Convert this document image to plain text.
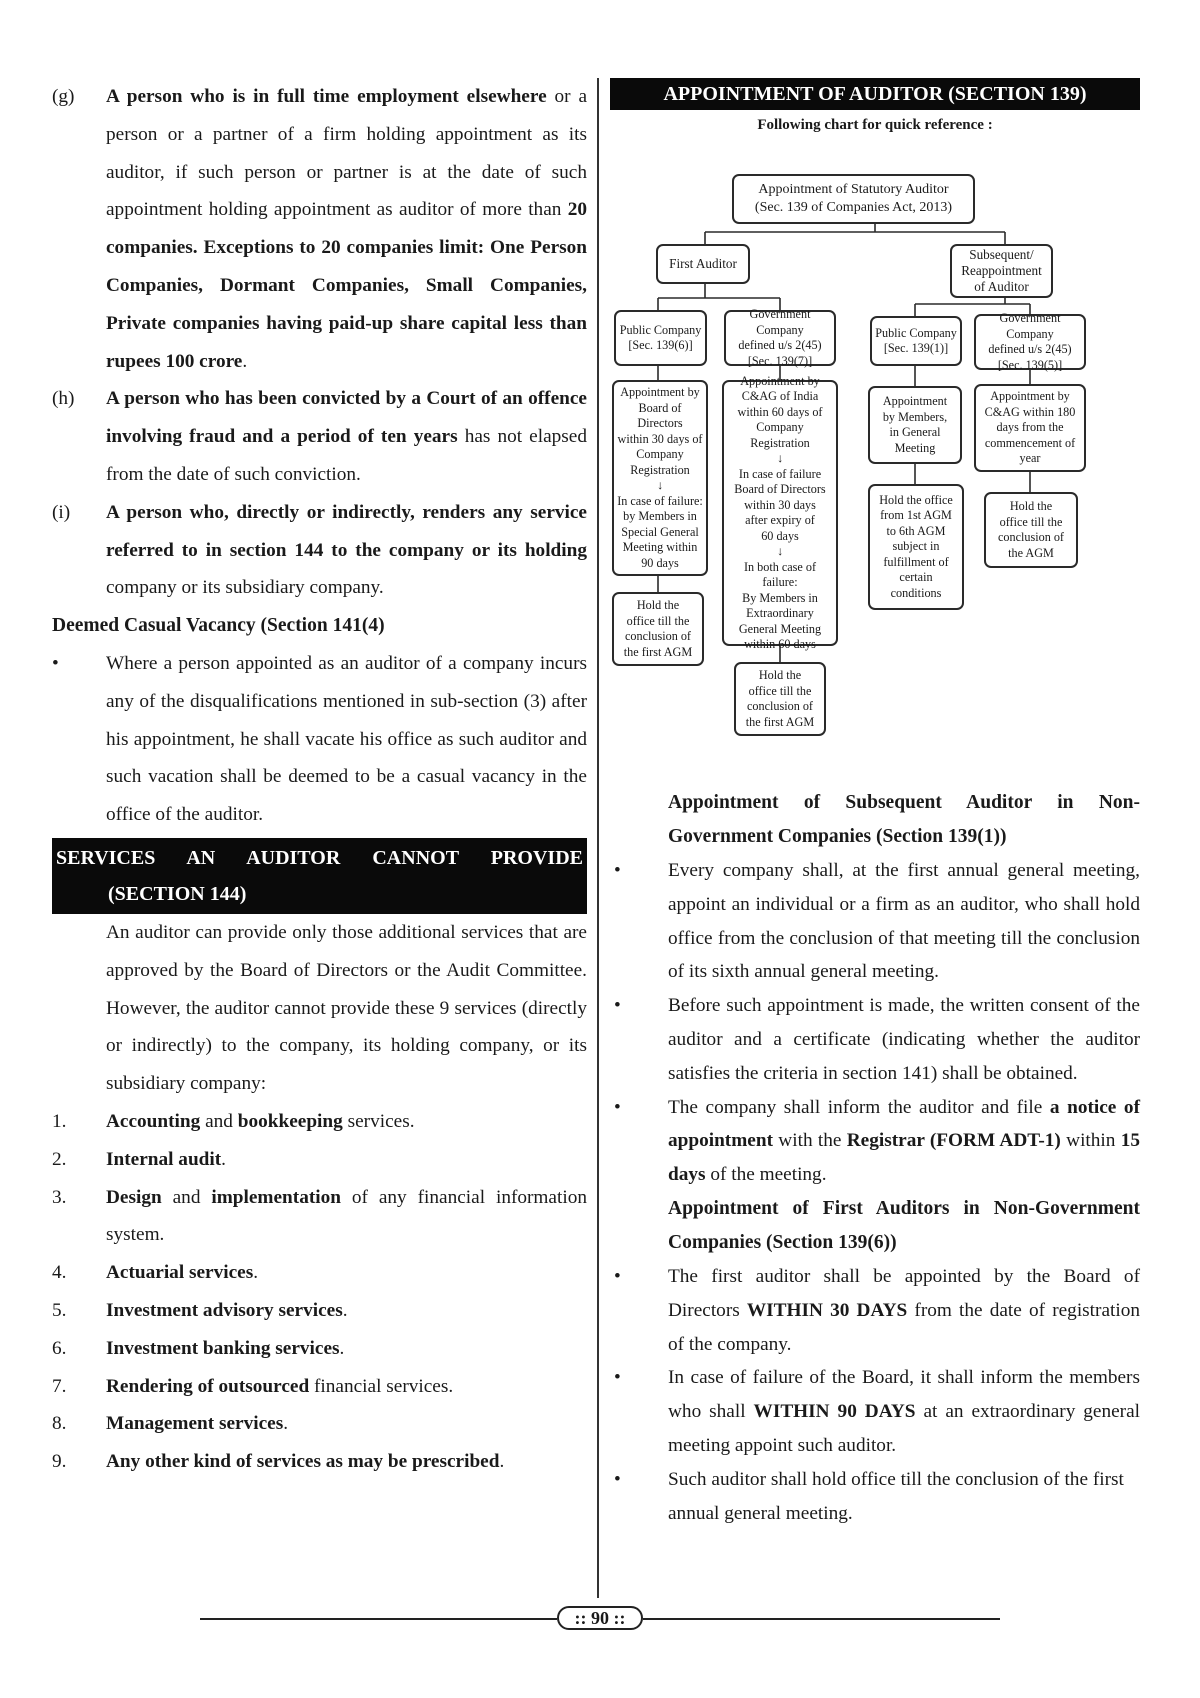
(g)	A person who is in full time employment elsewhere or a person or a partner of a firm holding appointment as its auditor, if such person or partner is at the date of such appointment holding appointment as auditor of more than 20 companies. Exceptions to 20 companies limit: One Person Companies, Dormant Companies, Small Companies, Private companies having paid-up share capital less than rupees 100 crore.

(h)	A person who has been convicted by a Court of an offence involving fraud and a period of ten years has not elapsed from the date of such conviction.

(i)	A person who, directly or indirectly, renders any service referred to in section 144 to the company or its holding company or its subsidiary company.

Deemed Casual Vacancy (Section 141(4)
•	Where a person appointed as an auditor of a company incurs any of the disqualifications mentioned in sub-section (3) after his appointment, he shall vacate his office as such auditor and such vacation shall be deemed to be a casual vacancy in the office of the auditor.

SERVICES AN AUDITOR CANNOT PROVIDE
(SECTION 144)

An auditor can provide only those additional services that are approved by the Board of Directors or the Audit Committee. However, the auditor cannot provide these 9 services (directly or indirectly) to the company, its holding company, or its subsidiary company:

1.	Accounting and bookkeeping services.

2.	Internal audit.

3.	Design and implementation of any financial information system.

4.	Actuarial services.

5.	Investment advisory services.

6.	Investment banking services.

7.	Rendering of outsourced financial services.

8.	Management services.

9.	Any other kind of services as may be prescribed.

APPOINTMENT OF AUDITOR (SECTION 139)
Following chart for quick reference :
Appointment of Statutory Auditor
(Sec. 139 of Companies Act, 2013)
First Auditor
Subsequent/
Reappointment
of Auditor
Public Company
[Sec. 139(6)]
Government Company
defined u/s 2(45)
[Sec. 139(7)]
Public Company
[Sec. 139(1)]
Government Company
defined u/s 2(45)
[Sec. 139(5)]
Appointment by
Board of Directors
within 30 days of
Company
Registration
↓
In case of failure:
by Members in
Special General
Meeting within
90 days
Appointment by
C&AG of India
within 60 days of
Company
Registration
↓
In case of failure
Board of Directors
within 30 days
after expiry of
60 days
↓
In both case of failure:
By Members in
Extraordinary
General Meeting
within 60 days
Appointment
by Members,
in General
Meeting
Appointment by
C&AG within 180
days from the
commencement of
year
Hold the
office till the
conclusion of
the first AGM
Hold the
office till the
conclusion of
the first AGM
Hold the office
from 1st AGM
to 6th AGM
subject in
fulfillment of
certain
conditions
Hold the
office till the
conclusion of
the AGM
Appointment of Subsequent Auditor in Non-Government Companies (Section 139(1))
•	Every company shall, at the first annual general meeting, appoint an individual or a firm as an auditor, who shall hold office from the conclusion of that meeting till the conclusion of its sixth annual general meeting.

•	Before such appointment is made, the written consent of the auditor and a certificate (indicating whether the auditor satisfies the criteria in section 141) shall be obtained.

•	The company shall inform the auditor and file a notice of appointment with the Registrar (FORM ADT-1) within 15 days of the meeting.

Appointment of First Auditors in Non-Government Companies (Section 139(6))
•	The first auditor shall be appointed by the Board of Directors WITHIN 30 DAYS from the date of registration of the company.

•	In case of failure of the Board, it shall inform the members who shall WITHIN 90 DAYS at an extraordinary general meeting appoint such auditor.

•	Such auditor shall hold office till the conclusion of the first annual general meeting.

:: 90 ::
